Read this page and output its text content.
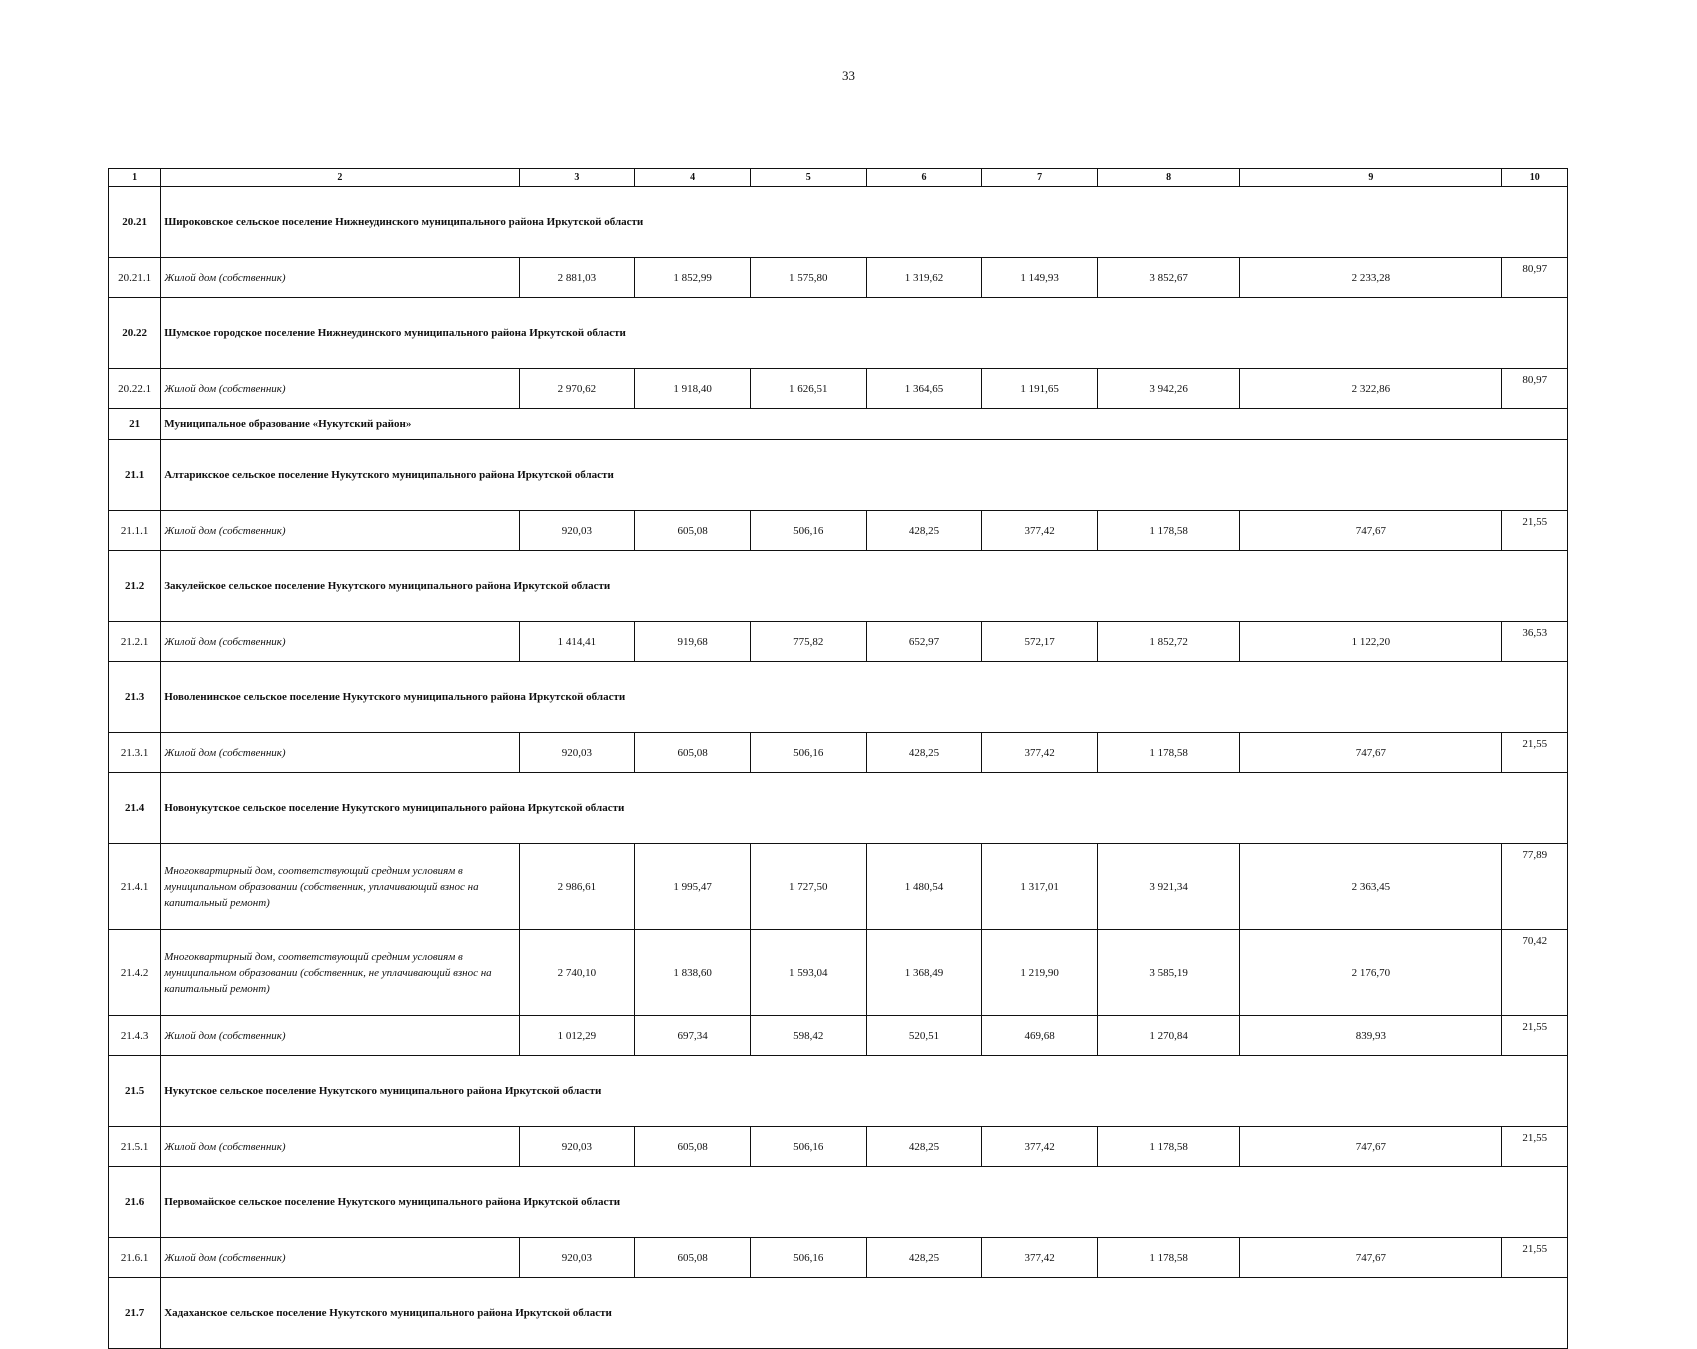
33
1	2	3	4	5	6	7	8	9	10
20.21	Широковское сельское поселение Нижнеудинского муниципального района Иркутской области								
20.21.1	Жилой дом (собственник)	2 881,03	1 852,99	1 575,80	1 319,62	1 149,93	3 852,67	2 233,28	80,97
20.22	Шумское городское поселение Нижнеудинского муниципального района Иркутской области								
20.22.1	Жилой дом (собственник)	2 970,62	1 918,40	1 626,51	1 364,65	1 191,65	3 942,26	2 322,86	80,97
21	Муниципальное образование «Нукутский район»								
21.1	Алтарикское сельское поселение Нукутского муниципального района Иркутской области								
21.1.1	Жилой дом (собственник)	920,03	605,08	506,16	428,25	377,42	1 178,58	747,67	21,55
21.2	Закулейское сельское поселение Нукутского муниципального района Иркутской области								
21.2.1	Жилой дом (собственник)	1 414,41	919,68	775,82	652,97	572,17	1 852,72	1 122,20	36,53
21.3	Новоленинское сельское поселение Нукутского муниципального района Иркутской области								
21.3.1	Жилой дом (собственник)	920,03	605,08	506,16	428,25	377,42	1 178,58	747,67	21,55
21.4	Новонукутское сельское поселение Нукутского муниципального района Иркутской области								
21.4.1	Многоквартирный дом, соответствующий средним условиям в муниципальном образовании (собственник, уплачивающий взнос на капитальный ремонт)	2 986,61	1 995,47	1 727,50	1 480,54	1 317,01	3 921,34	2 363,45	77,89
21.4.2	Многоквартирный дом, соответствующий средним условиям в муниципальном образовании (собственник, не уплачивающий взнос на капитальный ремонт)	2 740,10	1 838,60	1 593,04	1 368,49	1 219,90	3 585,19	2 176,70	70,42
21.4.3	Жилой дом (собственник)	1 012,29	697,34	598,42	520,51	469,68	1 270,84	839,93	21,55
21.5	Нукутское сельское поселение Нукутского муниципального района Иркутской области								
21.5.1	Жилой дом (собственник)	920,03	605,08	506,16	428,25	377,42	1 178,58	747,67	21,55
21.6	Первомайское сельское поселение Нукутского муниципального района Иркутской области								
21.6.1	Жилой дом (собственник)	920,03	605,08	506,16	428,25	377,42	1 178,58	747,67	21,55
21.7	Хадаханское сельское поселение Нукутского муниципального района Иркутской области								
